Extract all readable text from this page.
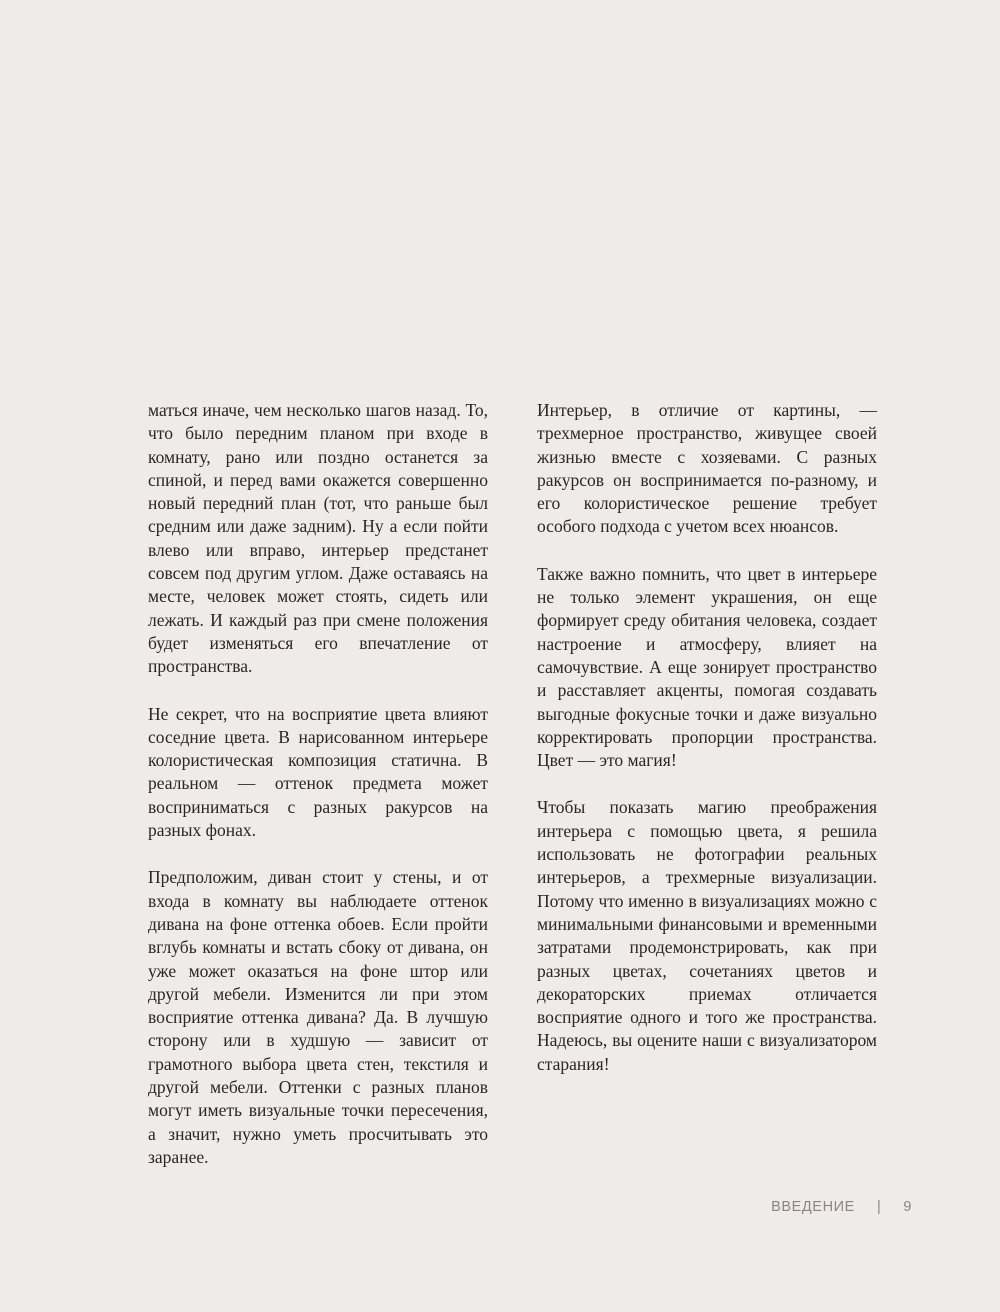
маться иначе, чем несколько шагов назад. То, что было передним планом при входе в комнату, рано или поздно останется за спиной, и перед вами окажется совершенно новый передний план (тот, что раньше был средним или даже задним). Ну а если пойти влево или вправо, интерьер предстанет совсем под другим углом. Даже оставаясь на месте, человек может стоять, сидеть или лежать. И каждый раз при смене положения будет изменяться его впечатление от пространства.

Не секрет, что на восприятие цвета влияют соседние цвета. В нарисованном интерьере колористическая композиция статична. В реальном — оттенок предмета может восприниматься с разных ракурсов на разных фонах.

Предположим, диван стоит у стены, и от входа в комнату вы наблюдаете оттенок дивана на фоне оттенка обоев. Если пройти вглубь комнаты и встать сбоку от дивана, он уже может оказаться на фоне штор или другой мебели. Изменится ли при этом восприятие оттенка дивана? Да. В лучшую сторону или в худшую — зависит от грамотного выбора цвета стен, текстиля и другой мебели. Оттенки с разных планов могут иметь визуальные точки пересечения, а значит, нужно уметь просчитывать это заранее.

Интерьер, в отличие от картины, — трехмерное пространство, живущее своей жизнью вместе с хозяевами. С разных ракурсов он воспринимается по-разному, и его колористическое решение требует особого подхода с учетом всех нюансов.

Также важно помнить, что цвет в интерьере не только элемент украшения, он еще формирует среду обитания человека, создает настроение и атмосферу, влияет на самочувствие. А еще зонирует пространство и расставляет акценты, помогая создавать выгодные фокусные точки и даже визуально корректировать пропорции пространства. Цвет — это магия!

Чтобы показать магию преображения интерьера с помощью цвета, я решила использовать не фотографии реальных интерьеров, а трехмерные визуализации. Потому что именно в визуализациях можно с минимальными финансовыми и временными затратами продемонстрировать, как при разных цветах, сочетаниях цветов и декораторских приемах отличается восприятие одного и того же пространства. Надеюсь, вы оцените наши с визуализатором старания!

ВВЕДЕНИЕ | 9
